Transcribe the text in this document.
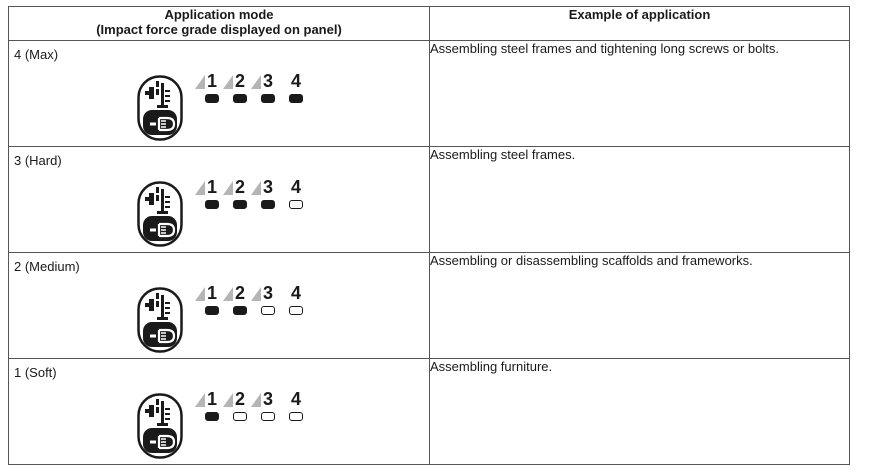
Application mode
(Impact force grade displayed on panel)	Example of application

4 (Max)
1 2 3 4	Assembling steel frames and tightening long screws or bolts.

3 (Hard)
1 2 3 4	Assembling steel frames.

2 (Medium)
1 2 3 4	Assembling or disassembling scaffolds and frameworks.

1 (Soft)
1 2 3 4	Assembling furniture.
